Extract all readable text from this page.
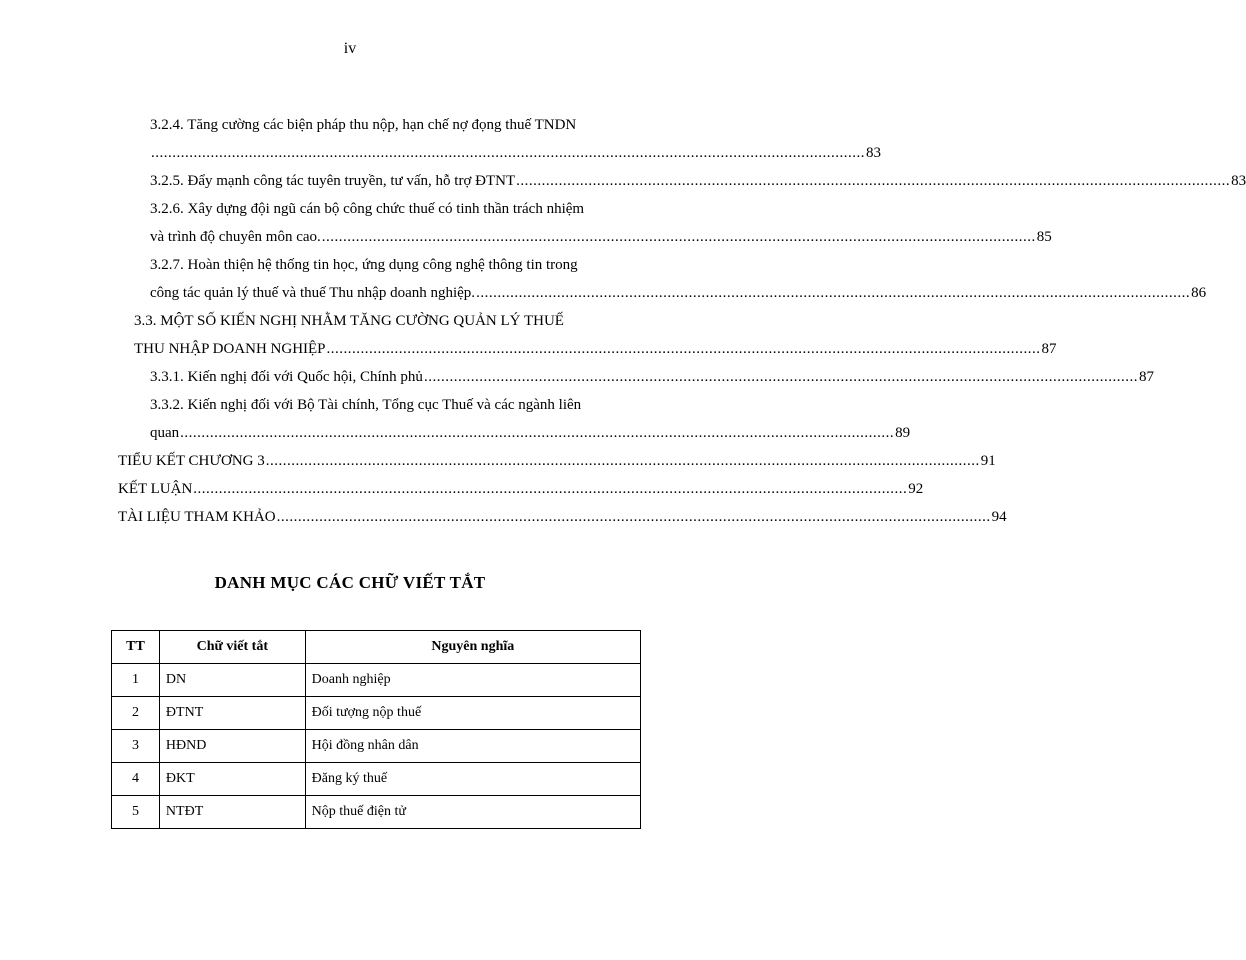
iv
3.2.4. Tăng cường các biện pháp thu nộp, hạn chế nợ đọng thuế TNDN
........................................................................................................................................................................ 83
3.2.5. Đẩy mạnh công tác tuyên truyền, tư vấn, hỗ trợ ĐTNT ........................................................................................................................................................................ 83
3.2.6. Xây dựng đội ngũ cán bộ công chức thuế có tinh thần trách nhiệm
và trình độ chuyên môn cao. ........................................................................................................................................................................ 85
3.2.7. Hoàn thiện hệ thống tin học, ứng dụng công nghệ thông tin trong
công tác quản lý thuế và thuế Thu nhập doanh nghiệp. ........................................................................................................................................................................ 86
3.3. MỘT SỐ KIẾN NGHỊ NHẰM TĂNG CƯỜNG QUẢN LÝ THUẾ
THU NHẬP DOANH NGHIỆP ........................................................................................................................................................................ 87
3.3.1. Kiến nghị đối với Quốc hội, Chính phủ ........................................................................................................................................................................ 87
3.3.2. Kiến nghị đối với Bộ Tài chính, Tổng cục Thuế và các ngành liên
quan ........................................................................................................................................................................ 89
TIỂU KẾT CHƯƠNG 3 ........................................................................................................................................................................ 91
KẾT LUẬN ........................................................................................................................................................................ 92
TÀI LIỆU THAM KHẢO ........................................................................................................................................................................ 94
DANH MỤC CÁC CHỮ VIẾT TẮT
TT	Chữ viết tắt	Nguyên nghĩa
1	DN	Doanh nghiệp
2	ĐTNT	Đối tượng nộp thuế
3	HĐND	Hội đồng nhân dân
4	ĐKT	Đăng ký thuế
5	NTĐT	Nộp thuế điện tử
